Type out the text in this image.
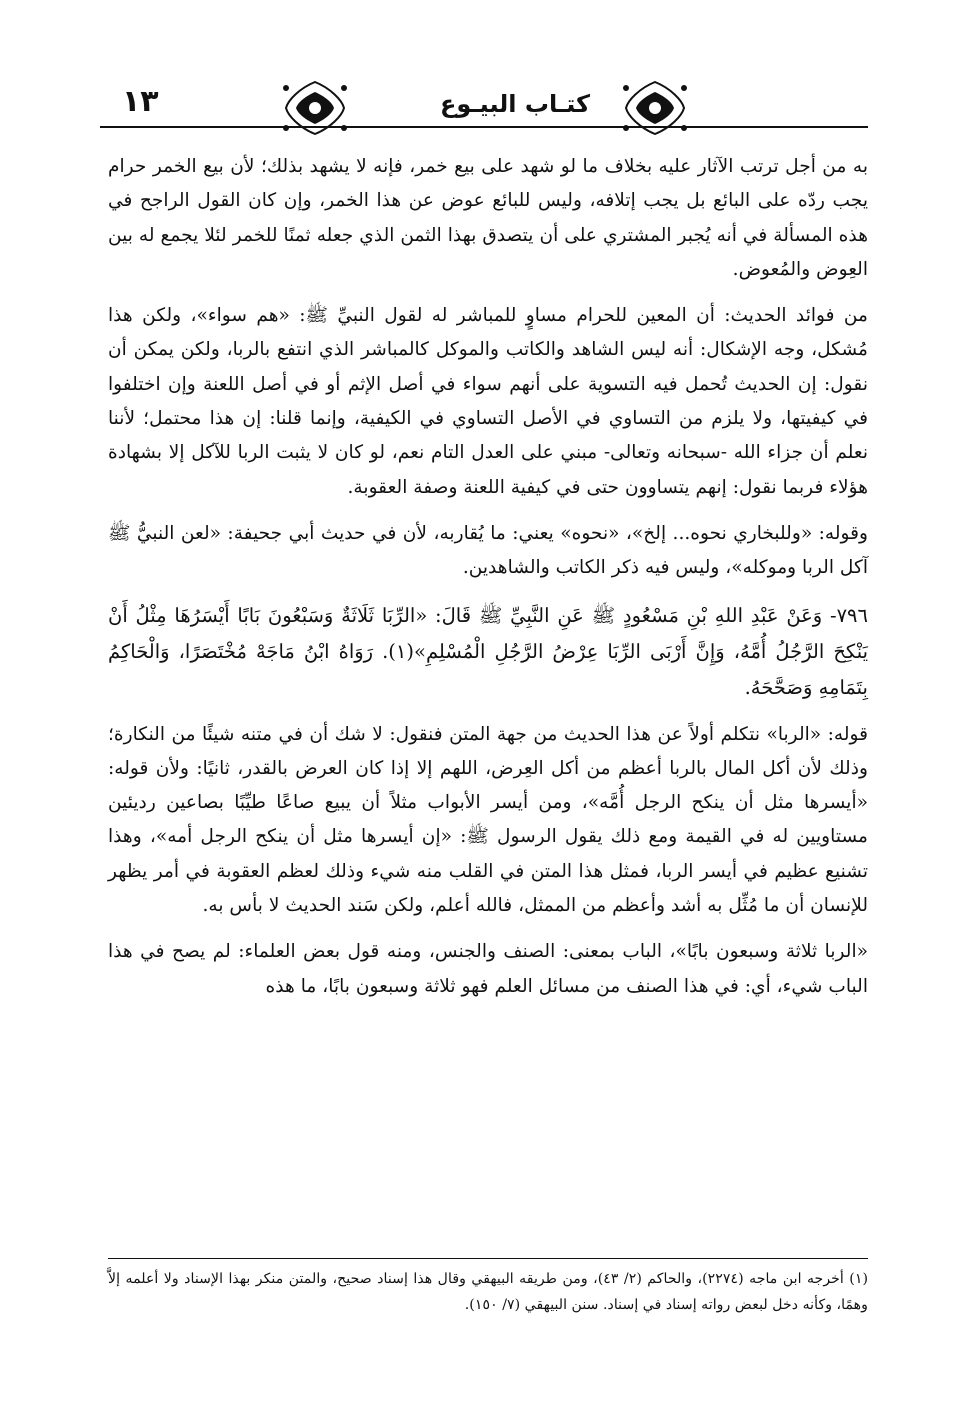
١٣	كتـاب البيـوع

به من أجل ترتب الآثار عليه بخلاف ما لو شهد على بيع خمر، فإنه لا يشهد بذلك؛ لأن بيع الخمر حرام يجب ردّه على البائع بل يجب إتلافه، وليس للبائع عوض عن هذا الخمر، وإن كان القول الراجح في هذه المسألة في أنه يُجبر المشتري على أن يتصدق بهذا الثمن الذي جعله ثمنًا للخمر لئلا يجمع له بين العِوض والمُعوض.

من فوائد الحديث: أن المعين للحرام مساوٍ للمباشر له لقول النبيِّ ﷺ: «هم سواء»، ولكن هذا مُشكل، وجه الإشكال: أنه ليس الشاهد والكاتب والموكل كالمباشر الذي انتفع بالربا، ولكن يمكن أن نقول: إن الحديث تُحمل فيه التسوية على أنهم سواء في أصل الإثم أو في أصل اللعنة وإن اختلفوا في كيفيتها، ولا يلزم من التساوي في الأصل التساوي في الكيفية، وإنما قلنا: إن هذا محتمل؛ لأننا نعلم أن جزاء الله -سبحانه وتعالى- مبني على العدل التام نعم، لو كان لا يثبت الربا للآكل إلا بشهادة هؤلاء فربما نقول: إنهم يتساوون حتى في كيفية اللعنة وصفة العقوبة.

وقوله: «وللبخاري نحوه... إلخ»، «نحوه» يعني: ما يُقاربه، لأن في حديث أبي جحيفة: «لعن النبيُّ ﷺ آكل الربا وموكله»، وليس فيه ذكر الكاتب والشاهدين.

٧٩٦- وَعَنْ عَبْدِ اللهِ بْنِ مَسْعُودٍ ﷺ عَنِ النَّبِيِّ ﷺ قَالَ: «الرِّبَا ثَلَاثَةٌ وَسَبْعُونَ بَابًا أَيْسَرُهَا مِثْلُ أَنْ يَنْكِحَ الرَّجُلُ أُمَّهُ، وَإِنَّ أَرْبَى الرِّبَا عِرْضُ الرَّجُلِ الْمُسْلِمِ»(١). رَوَاهُ ابْنُ مَاجَهْ مُخْتَصَرًا، وَالْحَاكِمُ بِتَمَامِهِ وَصَحَّحَهُ.

قوله: «الربا» نتكلم أولاً عن هذا الحديث من جهة المتن فنقول: لا شك أن في متنه شيئًا من النكارة؛ وذلك لأن أكل المال بالربا أعظم من أكل العِرض، اللهم إلا إذا كان العرض بالقدر، ثانيًا: ولأن قوله: «أيسرها مثل أن ينكح الرجل أُمَّه»، ومن أيسر الأبواب مثلاً أن يبيع صاعًا طيِّبًا بصاعين رديئين مستاويين له في القيمة ومع ذلك يقول الرسول ﷺ: «إن أيسرها مثل أن ينكح الرجل أمه»، وهذا تشنيع عظيم في أيسر الربا، فمثل هذا المتن في القلب منه شيء وذلك لعظم العقوبة في أمر يظهر للإنسان أن ما مُثِّل به أشد وأعظم من الممثل، فالله أعلم، ولكن سَند الحديث لا بأس به.

«الربا ثلاثة وسبعون بابًا»، الباب بمعنى: الصنف والجنس، ومنه قول بعض العلماء: لم يصح في هذا الباب شيء، أي: في هذا الصنف من مسائل العلم فهو ثلاثة وسبعون بابًا، ما هذه

(١) أخرجه ابن ماجه (٢٢٧٤)، والحاكم (٢/ ٤٣)، ومن طريقه البيهقي وقال هذا إسناد صحيح، والمتن منكر بهذا الإسناد ولا أعلمه إلاَّ وهمًا، وكأنه دخل لبعض رواته إسناد في إسناد. سنن البيهقي (٧/ ١٥٠).
